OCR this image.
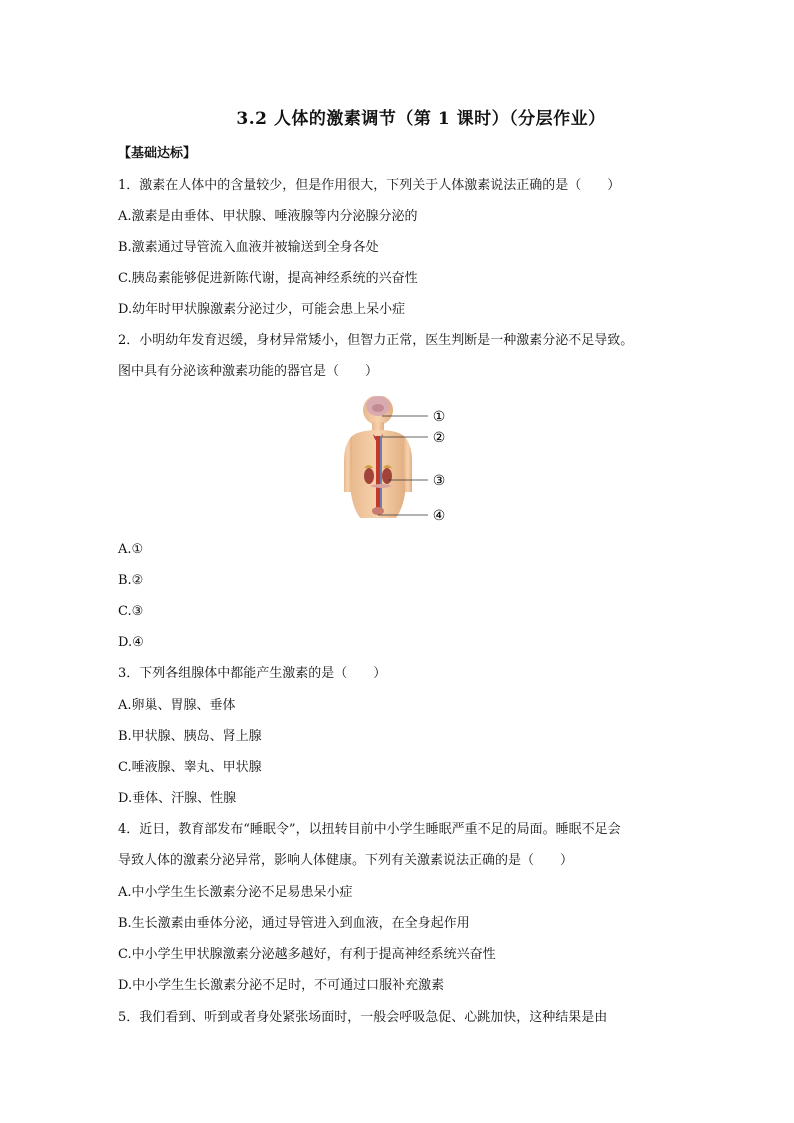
3.2 人体的激素调节（第 1 课时）（分层作业）
【基础达标】
1．激素在人体中的含量较少，但是作用很大，下列关于人体激素说法正确的是（　　）
A.激素是由垂体、甲状腺、唾液腺等内分泌腺分泌的
B.激素通过导管流入血液并被输送到全身各处
C.胰岛素能够促进新陈代谢，提高神经系统的兴奋性
D.幼年时甲状腺激素分泌过少，可能会患上呆小症
2．小明幼年发育迟缓，身材异常矮小，但智力正常，医生判断是一种激素分泌不足导致。
图中具有分泌该种激素功能的器官是（　　）
①
②
③
④
A.①
B.②
C.③
D.④
3．下列各组腺体中都能产生激素的是（　　）
A.卵巢、胃腺、垂体
B.甲状腺、胰岛、肾上腺
C.唾液腺、睾丸、甲状腺
D.垂体、汗腺、性腺
4．近日，教育部发布“睡眠令”，以扭转目前中小学生睡眠严重不足的局面。睡眠不足会
导致人体的激素分泌异常，影响人体健康。下列有关激素说法正确的是（　　）
A.中小学生生长激素分泌不足易患呆小症
B.生长激素由垂体分泌，通过导管进入到血液，在全身起作用
C.中小学生甲状腺激素分泌越多越好，有利于提高神经系统兴奋性
D.中小学生生长激素分泌不足时，不可通过口服补充激素
5．我们看到、听到或者身处紧张场面时，一般会呼吸急促、心跳加快，这种结果是由
